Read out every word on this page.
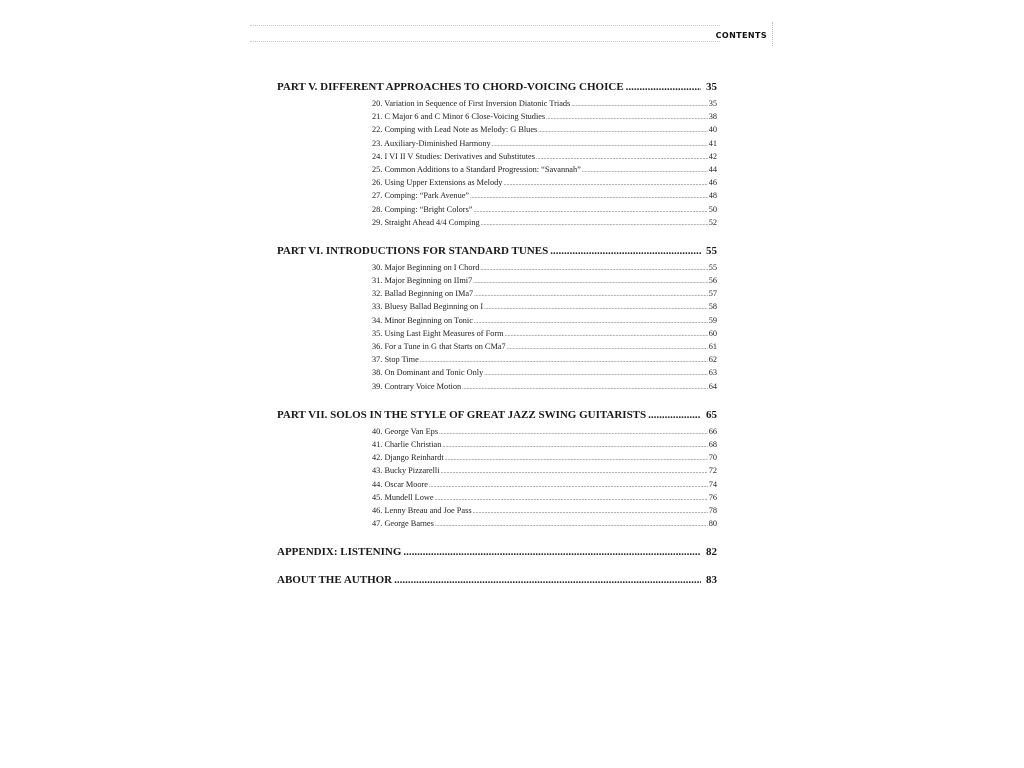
CONTENTS
PART V. DIFFERENT APPROACHES TO CHORD-VOICING CHOICE .....	35
20. Variation in Sequence of First Inversion Diatonic Triads .....	35
21. C Major 6 and C Minor 6 Close-Voicing Studies .....	38
22. Comping with Lead Note as Melody: G Blues .....	40
23. Auxiliary-Diminished Harmony .....	41
24. I VI II V Studies: Derivatives and Substitutes .....	42
25. Common Additions to a Standard Progression: “Savannah” .....	44
26. Using Upper Extensions as Melody .....	46
27. Comping: “Park Avenue” .....	48
28. Comping: “Bright Colors” .....	50
29. Straight Ahead 4/4 Comping .....	52
PART VI. INTRODUCTIONS FOR STANDARD TUNES .....	55
30. Major Beginning on I Chord .....	55
31. Major Beginning on IImi7 .....	56
32. Ballad Beginning on IMa7 .....	57
33. Bluesy Ballad Beginning on I .....	58
34. Minor Beginning on Tonic .....	59
35. Using Last Eight Measures of Form .....	60
36. For a Tune in G that Starts on CMa7 .....	61
37. Stop Time .....	62
38. On Dominant and Tonic Only .....	63
39. Contrary Voice Motion .....	64
PART VII. SOLOS IN THE STYLE OF GREAT JAZZ SWING GUITARISTS .....	65
40. George Van Eps .....	66
41. Charlie Christian .....	68
42. Django Reinhardt .....	70
43. Bucky Pizzarelli .....	72
44. Oscar Moore .....	74
45. Mundell Lowe .....	76
46. Lenny Breau and Joe Pass .....	78
47. George Barnes .....	80
APPENDIX: LISTENING .....	82
ABOUT THE AUTHOR .....	83
